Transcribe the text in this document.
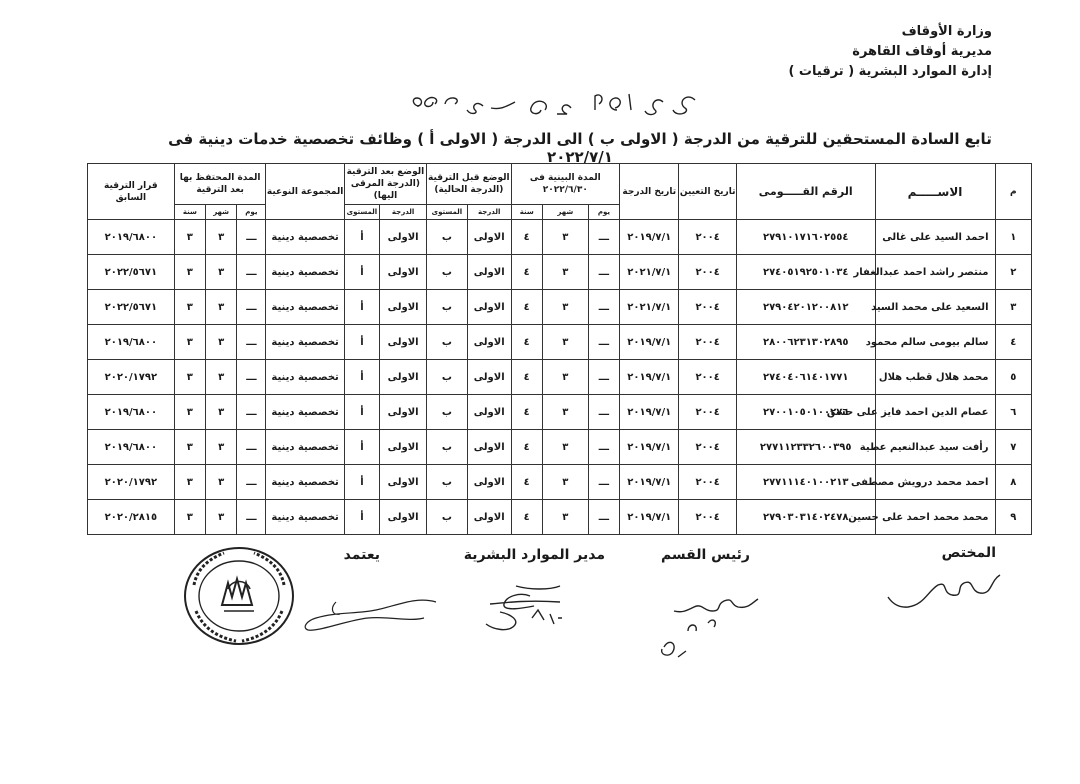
وزارة الأوقاف
مديرية أوقاف القاهرة
إدارة الموارد البشرية ( ترقيات )
تابع السادة المستحقين للترقية من الدرجة ( الاولى ب ) الى الدرجة ( الاولى أ ) وظائف تخصصية خدمات دينية فى ٢٠٢٢/٧/١
م	الاســـــم	الرقم القـــــومى	تاريخ التعيين	تاريخ الدرجة	المدة البينية فى ٢٠٢٢/٦/٣٠			الوضع قبل الترقية (الدرجة الحالية)		الوضع بعد الترقية (الدرجة المرقى اليها)		المجموعة النوعية	المدة المحتفظ بها بعد الترقية			قرار الترقية السابق
					يوم	شهر	سنة	الدرجة	المستوى	الدرجة	المستوى		يوم	شهر	سنة	
١	احمد السيد على غالى	٢٧٩١٠١٧١٦٠٢٥٥٤	٢٠٠٤	٢٠١٩/٧/١	ـــ	٣	٤	الاولى	ب	الاولى	أ	تخصصية دينية	ـــ	٣	٣	٢٠١٩/٦٨٠٠
٢	منتصر راشد احمد عبدالغفار	٢٧٤٠٥١٩٢٥٠١٠٣٤	٢٠٠٤	٢٠٢١/٧/١	ـــ	٣	٤	الاولى	ب	الاولى	أ	تخصصية دينية	ـــ	٣	٣	٢٠٢٢/٥٦٧١
٣	السعيد على محمد السيد	٢٧٩٠٤٢٠١٢٠٠٨١٢	٢٠٠٤	٢٠٢١/٧/١	ـــ	٣	٤	الاولى	ب	الاولى	أ	تخصصية دينية	ـــ	٣	٣	٢٠٢٢/٥٦٧١
٤	سالم بيومى سالم محمود	٢٨٠٠٦٢٣١٣٠٢٨٩٥	٢٠٠٤	٢٠١٩/٧/١	ـــ	٣	٤	الاولى	ب	الاولى	أ	تخصصية دينية	ـــ	٣	٣	٢٠١٩/٦٨٠٠
٥	محمد هلال قطب هلال	٢٧٤٠٤٠٦١٤٠١٧٧١	٢٠٠٤	٢٠١٩/٧/١	ـــ	٣	٤	الاولى	ب	الاولى	أ	تخصصية دينية	ـــ	٣	٣	٢٠٢٠/١٧٩٢
٦	عصام الدين احمد فايز على حسن	٢٧٠٠١٠٥٠١٠٠٢٧٦	٢٠٠٤	٢٠١٩/٧/١	ـــ	٣	٤	الاولى	ب	الاولى	أ	تخصصية دينية	ـــ	٣	٣	٢٠١٩/٦٨٠٠
٧	رأفت سيد عبدالنعيم عطية	٢٧٧١١٢٣٣٢٦٠٠٣٩٥	٢٠٠٤	٢٠١٩/٧/١	ـــ	٣	٤	الاولى	ب	الاولى	أ	تخصصية دينية	ـــ	٣	٣	٢٠١٩/٦٨٠٠
٨	احمد محمد درويش مصطفى	٢٧٧١١١٤٠١٠٠٢١٣	٢٠٠٤	٢٠١٩/٧/١	ـــ	٣	٤	الاولى	ب	الاولى	أ	تخصصية دينية	ـــ	٣	٣	٢٠٢٠/١٧٩٢
٩	محمد محمد احمد على حسين	٢٧٩٠٣٠٣١٤٠٢٤٧٨	٢٠٠٤	٢٠١٩/٧/١	ـــ	٣	٤	الاولى	ب	الاولى	أ	تخصصية دينية	ـــ	٣	٣	٢٠٢٠/٢٨١٥
المختص
رئيس القسم
مدير الموارد البشرية
يعتمد
